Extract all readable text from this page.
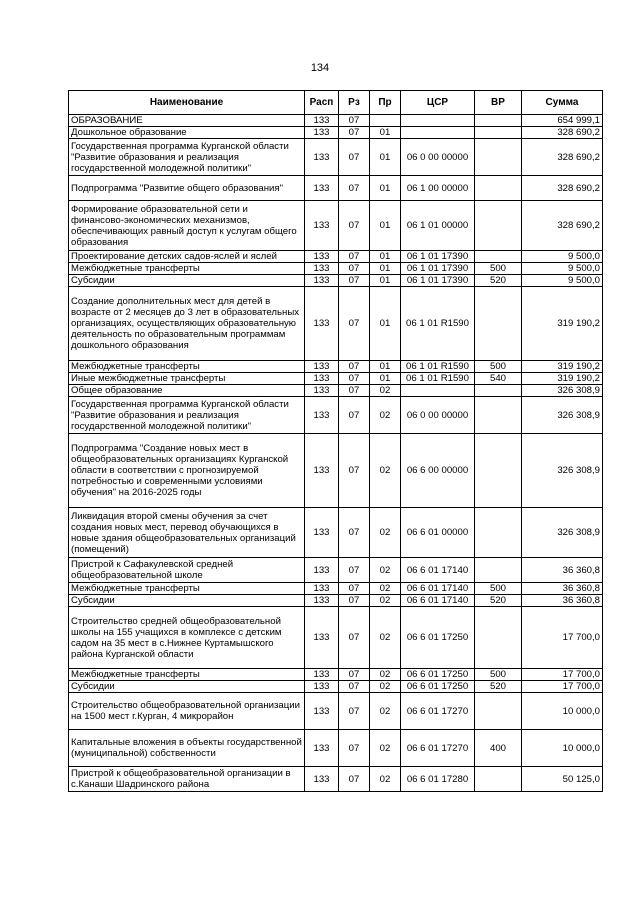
134
Наименование	Расп	Рз	Пр	ЦСР	ВР	Сумма
ОБРАЗОВАНИЕ	133	07				654 999,1
Дошкольное образование	133	07	01			328 690,2
Государственная программа Курганской области "Развитие образования и реализация государственной молодежной политики"	133	07	01	06 0 00 00000		328 690,2
Подпрограмма "Развитие общего образования"	133	07	01	06 1 00 00000		328 690,2
Формирование образовательной сети и финансово-экономических механизмов, обеспечивающих равный доступ к услугам общего образования	133	07	01	06 1 01 00000		328 690,2
Проектирование детских садов-яслей и яслей	133	07	01	06 1 01 17390		9 500,0
Межбюджетные трансферты	133	07	01	06 1 01 17390	500	9 500,0
Субсидии	133	07	01	06 1 01 17390	520	9 500,0
Создание дополнительных мест для детей в возрасте от 2 месяцев до 3 лет в образовательных организациях, осуществляющих образовательную деятельность по образовательным программам дошкольного образования	133	07	01	06 1 01 R1590		319 190,2
Межбюджетные трансферты	133	07	01	06 1 01 R1590	500	319 190,2
Иные межбюджетные трансферты	133	07	01	06 1 01 R1590	540	319 190,2
Общее образование	133	07	02			326 308,9
Государственная программа Курганской области "Развитие образования и реализация государственной молодежной политики"	133	07	02	06 0 00 00000		326 308,9
Подпрограмма "Создание новых мест в общеобразовательных организациях Курганской области в соответствии с прогнозируемой потребностью и современными условиями обучения" на 2016-2025 годы	133	07	02	06 6 00 00000		326 308,9
Ликвидация второй смены обучения за счет создания новых мест, перевод обучающихся в новые здания общеобразовательных организаций (помещений)	133	07	02	06 6 01 00000		326 308,9
Пристрой к Сафакулевской средней общеобразовательной школе	133	07	02	06 6 01 17140		36 360,8
Межбюджетные трансферты	133	07	02	06 6 01 17140	500	36 360,8
Субсидии	133	07	02	06 6 01 17140	520	36 360,8
Строительство средней общеобразовательной школы на 155 учащихся в комплексе с детским садом на 35 мест в с.Нижнее Куртамышского района Курганской области	133	07	02	06 6 01 17250		17 700,0
Межбюджетные трансферты	133	07	02	06 6 01 17250	500	17 700,0
Субсидии	133	07	02	06 6 01 17250	520	17 700,0
Строительство общеобразовательной организации на 1500 мест г.Курган, 4 микрорайон	133	07	02	06 6 01 17270		10 000,0
Капитальные вложения в объекты государственной (муниципальной) собственности	133	07	02	06 6 01 17270	400	10 000,0
Пристрой к общеобразовательной организации в с.Канаши Шадринского района	133	07	02	06 6 01 17280		50 125,0
